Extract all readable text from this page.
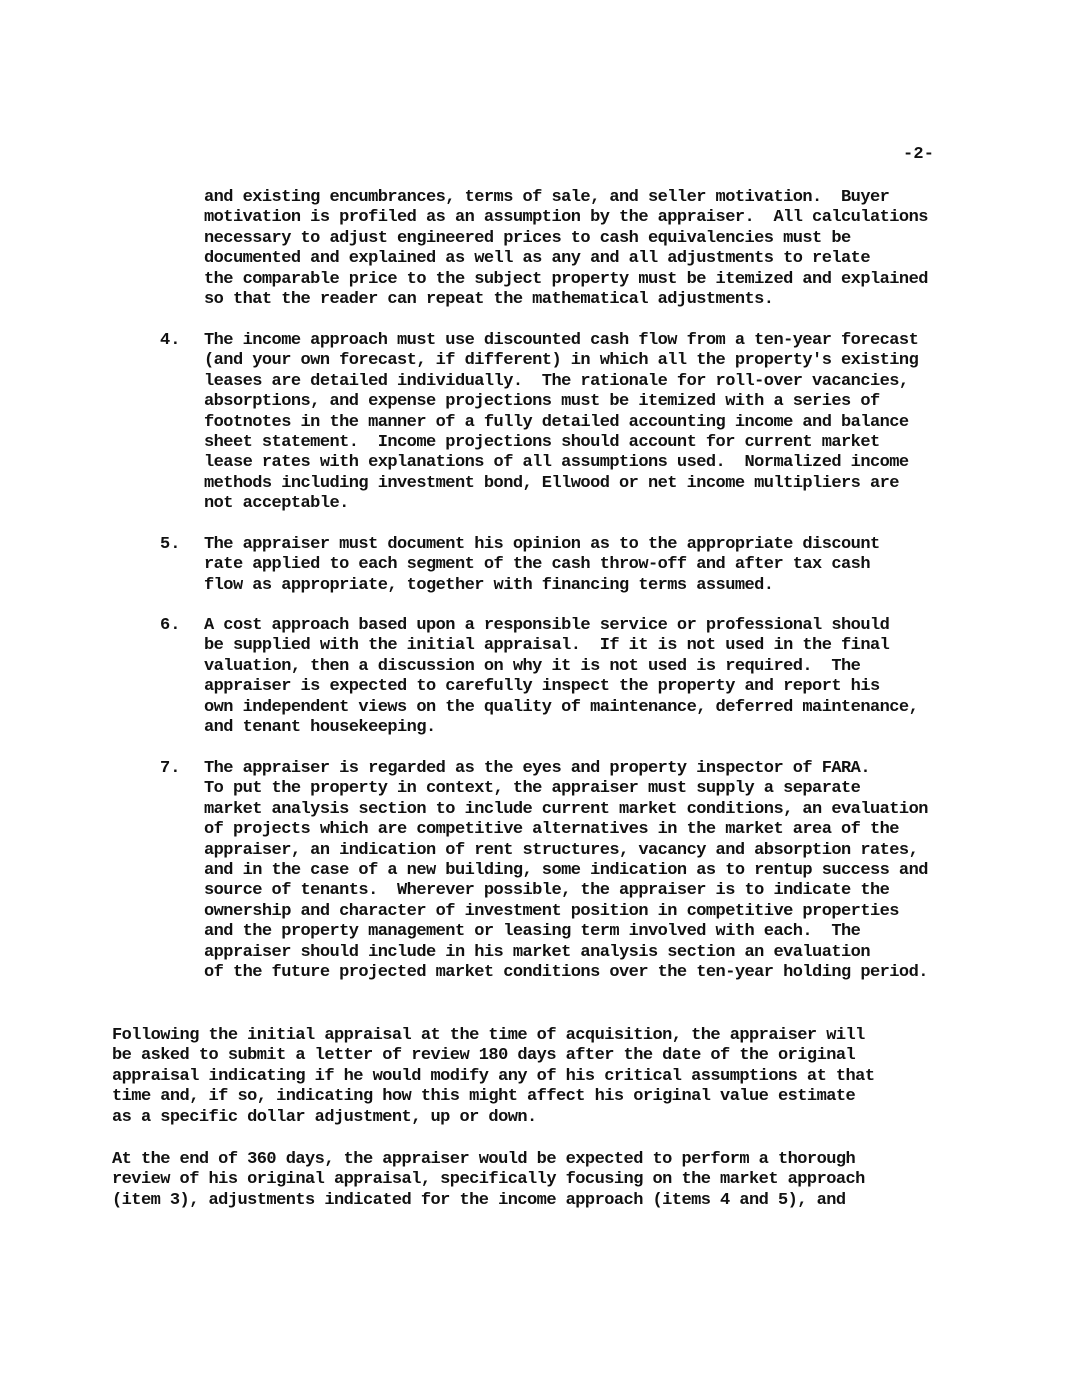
-2-
and existing encumbrances, terms of sale, and seller motivation.  Buyer
motivation is profiled as an assumption by the appraiser.  All calculations
necessary to adjust engineered prices to cash equivalencies must be
documented and explained as well as any and all adjustments to relate
the comparable price to the subject property must be itemized and explained
so that the reader can repeat the mathematical adjustments.
4. The income approach must use discounted cash flow from a ten-year forecast
(and your own forecast, if different) in which all the property's existing
leases are detailed individually.  The rationale for roll-over vacancies,
absorptions, and expense projections must be itemized with a series of
footnotes in the manner of a fully detailed accounting income and balance
sheet statement.  Income projections should account for current market
lease rates with explanations of all assumptions used.  Normalized income
methods including investment bond, Ellwood or net income multipliers are
not acceptable.
5. The appraiser must document his opinion as to the appropriate discount
rate applied to each segment of the cash throw-off and after tax cash
flow as appropriate, together with financing terms assumed.
6. A cost approach based upon a responsible service or professional should
be supplied with the initial appraisal.  If it is not used in the final
valuation, then a discussion on why it is not used is required.  The
appraiser is expected to carefully inspect the property and report his
own independent views on the quality of maintenance, deferred maintenance,
and tenant housekeeping.
7. The appraiser is regarded as the eyes and property inspector of FARA.
To put the property in context, the appraiser must supply a separate
market analysis section to include current market conditions, an evaluation
of projects which are competitive alternatives in the market area of the
appraiser, an indication of rent structures, vacancy and absorption rates,
and in the case of a new building, some indication as to rentup success and
source of tenants.  Wherever possible, the appraiser is to indicate the
ownership and character of investment position in competitive properties
and the property management or leasing term involved with each.  The
appraiser should include in his market analysis section an evaluation
of the future projected market conditions over the ten-year holding period.
Following the initial appraisal at the time of acquisition, the appraiser will
be asked to submit a letter of review 180 days after the date of the original
appraisal indicating if he would modify any of his critical assumptions at that
time and, if so, indicating how this might affect his original value estimate
as a specific dollar adjustment, up or down.
At the end of 360 days, the appraiser would be expected to perform a thorough
review of his original appraisal, specifically focusing on the market approach
(item 3), adjustments indicated for the income approach (items 4 and 5), and
